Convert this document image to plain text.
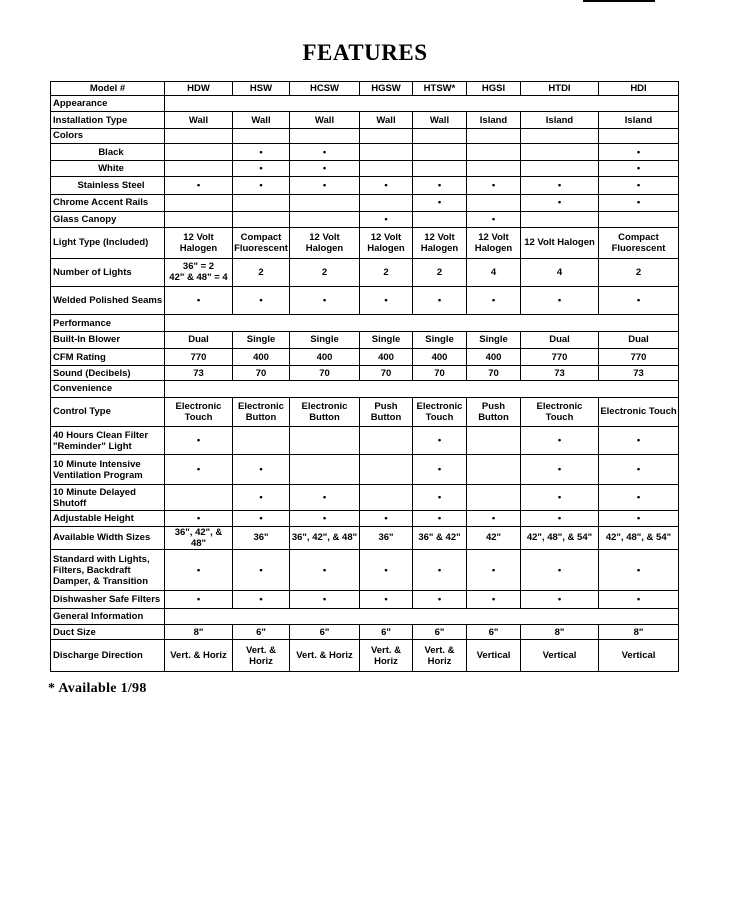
FEATURES
Model #	HDW	HSW	HCSW	HGSW	HTSW*	HGSI	HTDI	HDI
Appearance								
Installation Type	Wall	Wall	Wall	Wall	Wall	Island	Island	Island
Colors								
Black		•	•					•
White		•	•					•
Stainless Steel	•	•	•	•	•	•	•	•
Chrome Accent Rails					•		•	•
Glass Canopy				•		•		
Light Type (Included)	12 Volt Halogen	Compact Fluorescent	12 Volt Halogen	12 Volt Halogen	12 Volt Halogen	12 Volt Halogen	12 Volt Halogen	Compact Fluorescent
Number of Lights	36" = 2
42" & 48" = 4	2	2	2	2	4	4	2
Welded Polished Seams	•	•	•	•	•	•	•	•
Performance								
Built-In Blower	Dual	Single	Single	Single	Single	Single	Dual	Dual
CFM Rating	770	400	400	400	400	400	770	770
Sound (Decibels)	73	70	70	70	70	70	73	73
Convenience								
Control Type	Electronic Touch	Electronic Button	Electronic Button	Push Button	Electronic Touch	Push Button	Electronic Touch	Electronic Touch
40 Hours Clean Filter "Reminder" Light	•				•		•	•
10 Minute Intensive Ventilation Program	•	•			•		•	•
10 Minute Delayed Shutoff		•	•		•		•	•
Adjustable Height	•	•	•	•	•	•	•	•
Available Width Sizes	36", 42", & 48"	36"	36", 42", & 48"	36"	36" & 42"	42"	42", 48", & 54"	42", 48", & 54"
Standard with Lights, Filters, Backdraft Damper, & Transition	•	•	•	•	•	•	•	•
Dishwasher Safe Filters	•	•	•	•	•	•	•	•
General Information								
Duct Size	8"	6"	6"	6"	6"	6"	8"	8"
Discharge Direction	Vert. & Horiz	Vert. & Horiz	Vert. & Horiz	Vert. & Horiz	Vert. & Horiz	Vertical	Vertical	Vertical
* Available 1/98
